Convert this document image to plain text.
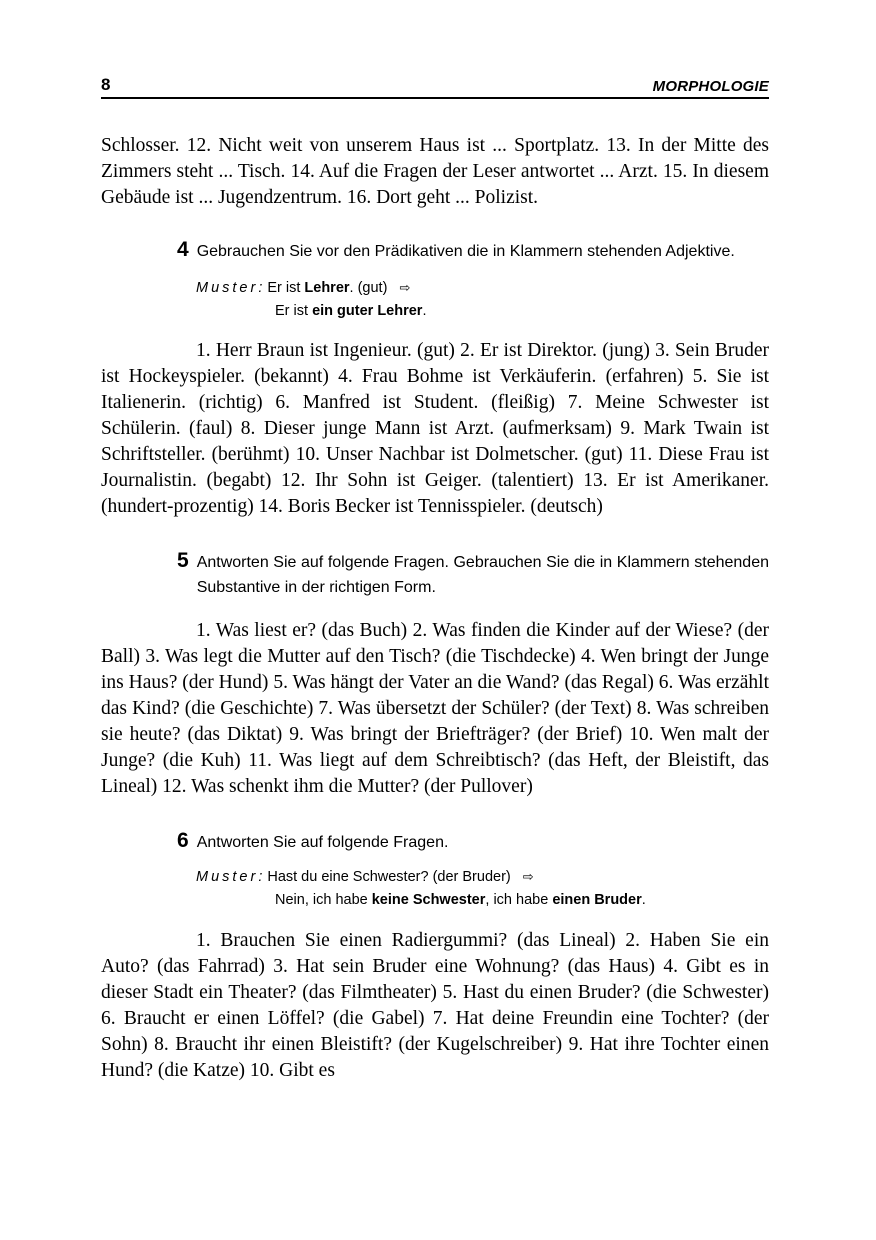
8	MORPHOLOGIE

Schlosser. 12. Nicht weit von unserem Haus ist ... Sportplatz. 13. In der Mitte des Zimmers steht ... Tisch. 14. Auf die Fragen der Leser antwortet ... Arzt. 15. In diesem Gebäude ist ... Jugendzentrum. 16. Dort geht ... Polizist.

4 Gebrauchen Sie vor den Prädikativen die in Klammern stehenden Adjektive.
Muster: Er ist Lehrer. (gut) ⇨
Er ist ein guter Lehrer.

1. Herr Braun ist Ingenieur. (gut) 2. Er ist Direktor. (jung) 3. Sein Bruder ist Hockeyspieler. (bekannt) 4. Frau Bohme ist Verkäuferin. (erfahren) 5. Sie ist Italienerin. (richtig) 6. Manfred ist Student. (fleißig) 7. Meine Schwester ist Schülerin. (faul) 8. Dieser junge Mann ist Arzt. (aufmerksam) 9. Mark Twain ist Schriftsteller. (berühmt) 10. Unser Nachbar ist Dolmetscher. (gut) 11. Diese Frau ist Journalistin. (begabt) 12. Ihr Sohn ist Geiger. (talentiert) 13. Er ist Amerikaner. (hundert-prozentig) 14. Boris Becker ist Tennisspieler. (deutsch)

5 Antworten Sie auf folgende Fragen. Gebrauchen Sie die in Klammern stehenden Substantive in der richtigen Form.

1. Was liest er? (das Buch) 2. Was finden die Kinder auf der Wiese? (der Ball) 3. Was legt die Mutter auf den Tisch? (die Tischdecke) 4. Wen bringt der Junge ins Haus? (der Hund) 5. Was hängt der Vater an die Wand? (das Regal) 6. Was erzählt das Kind? (die Geschichte) 7. Was übersetzt der Schüler? (der Text) 8. Was schreiben sie heute? (das Diktat) 9. Was bringt der Briefträger? (der Brief) 10. Wen malt der Junge? (die Kuh) 11. Was liegt auf dem Schreibtisch? (das Heft, der Bleistift, das Lineal) 12. Was schenkt ihm die Mutter? (der Pullover)

6 Antworten Sie auf folgende Fragen.
Muster: Hast du eine Schwester? (der Bruder) ⇨
Nein, ich habe keine Schwester, ich habe einen Bruder.

1. Brauchen Sie einen Radiergummi? (das Lineal) 2. Haben Sie ein Auto? (das Fahrrad) 3. Hat sein Bruder eine Wohnung? (das Haus) 4. Gibt es in dieser Stadt ein Theater? (das Filmtheater) 5. Hast du einen Bruder? (die Schwester) 6. Braucht er einen Löffel? (die Gabel) 7. Hat deine Freundin eine Tochter? (der Sohn) 8. Braucht ihr einen Bleistift? (der Kugelschreiber) 9. Hat ihre Tochter einen Hund? (die Katze) 10. Gibt es
